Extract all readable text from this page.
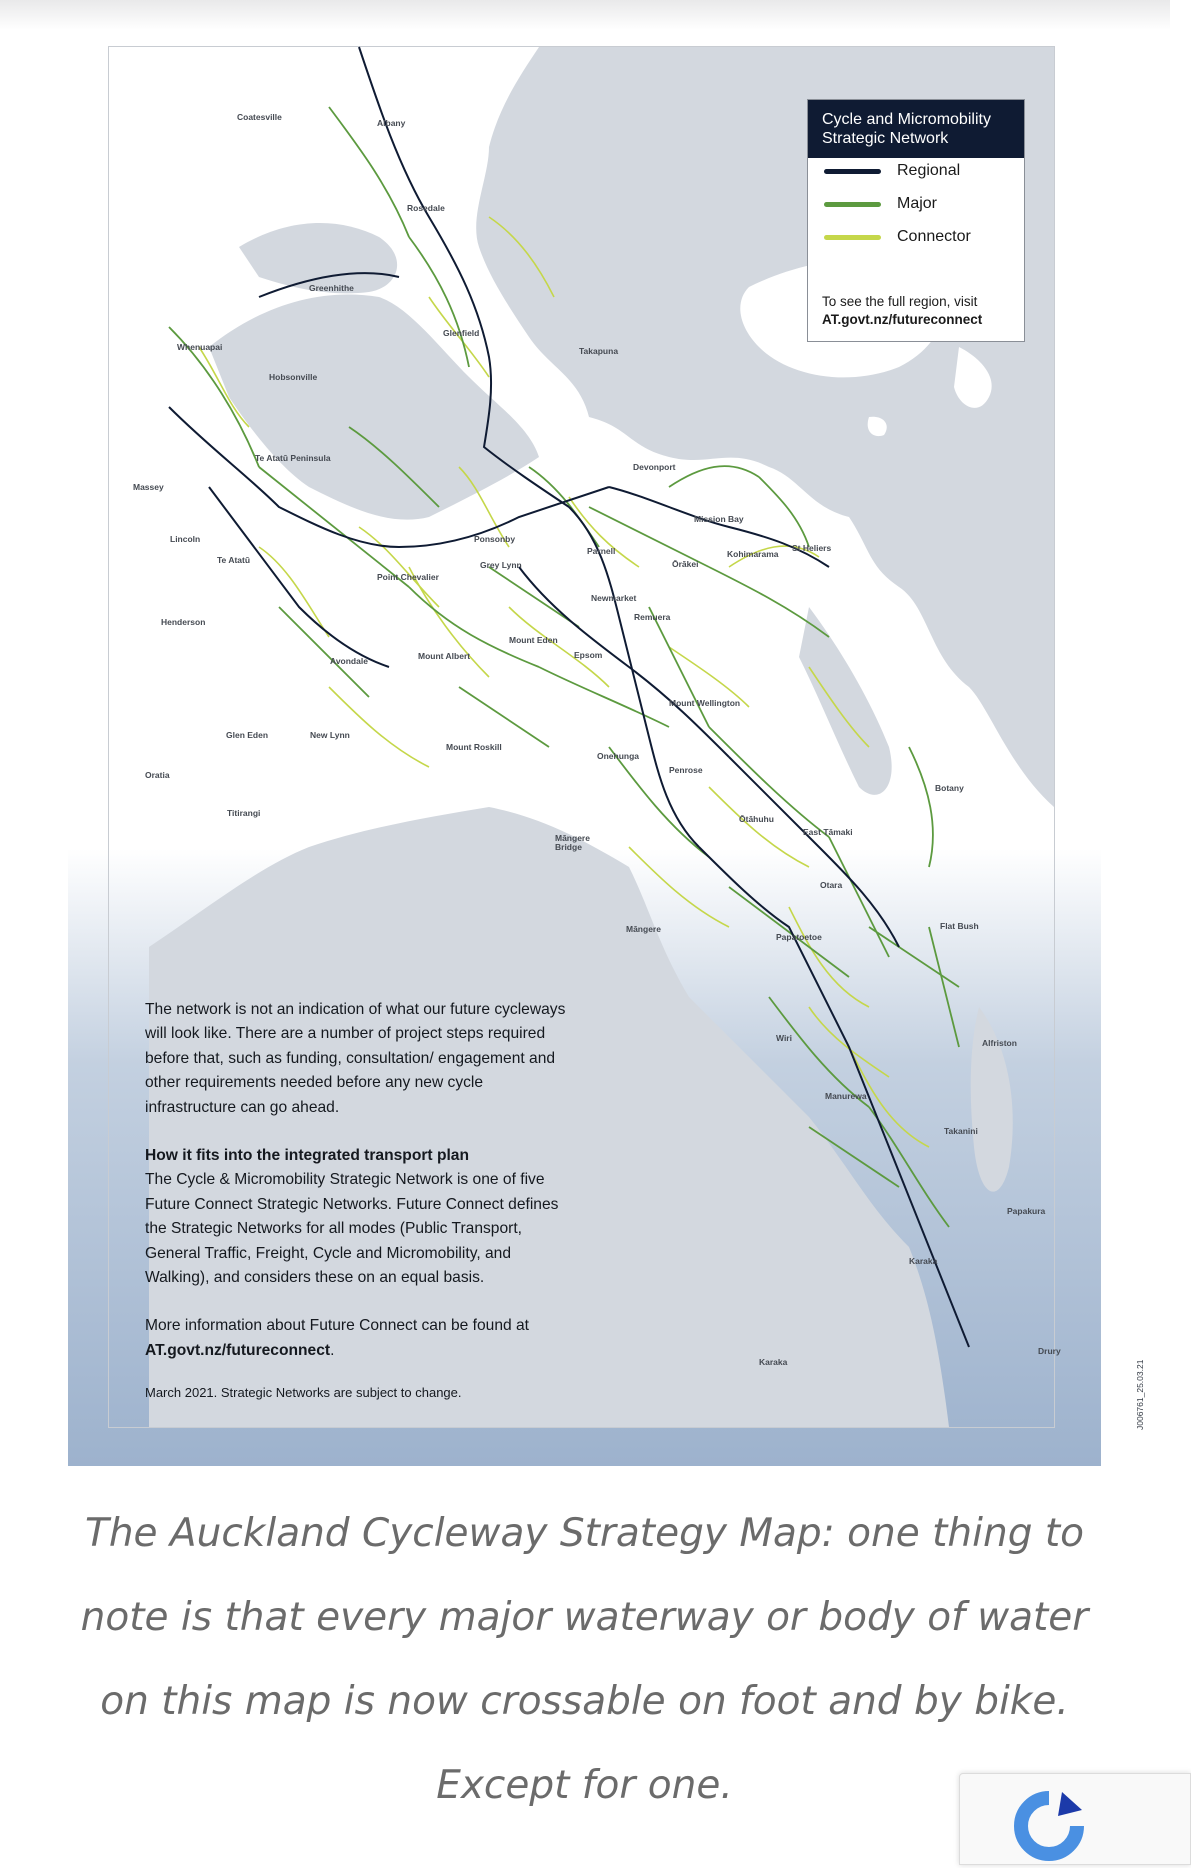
Cycle and Micromobility Strategic Network
Regional
Major
Connector
To see the full region, visit
AT.govt.nz/futureconnect
Coatesville
Albany
Rosedale
Greenhithe
Glenfield
Whenuapai
Hobsonville
Takapuna
Te Atatū Peninsula
Devonport
Massey
Mission Bay
Ponsonby
Lincoln
Te Atatū
Parnell	Kohimarama
St Heliers
Grey Lynn	Ōrākei
Point Chevalier
Newmarket
Henderson	Remuera
Mount Eden
Epsom
Avondale	Mount Albert
Mount Wellington
Glen Eden	New Lynn
Mount Roskill
Onehunga
Oratia	Penrose
Botany
Titirangi
Ōtāhuhu
Māngere Bridge
East Tāmaki
Otara
Māngere
Papatoetoe
Flat Bush
Wiri	Alfriston
Manurewa
Takanini
Papakura
Karaka
Drury
Karaka

The network is not an indication of what our future cycleways will look like. There are a number of project steps required before that, such as funding, consultation/ engagement and other requirements needed before any new cycle infrastructure can go ahead.

How it fits into the integrated transport plan
The Cycle & Micromobility Strategic Network is one of five Future Connect Strategic Networks. Future Connect defines the Strategic Networks for all modes (Public Transport, General Traffic, Freight, Cycle and Micromobility, and Walking), and considers these on an equal basis.

More information about Future Connect can be found at AT.govt.nz/futureconnect.

March 2021. Strategic Networks are subject to change.	J006761_25.03.21
The Auckland Cycleway Strategy Map: one thing to note is that every major waterway or body of water on this map is now crossable on foot and by bike. Except for one.
